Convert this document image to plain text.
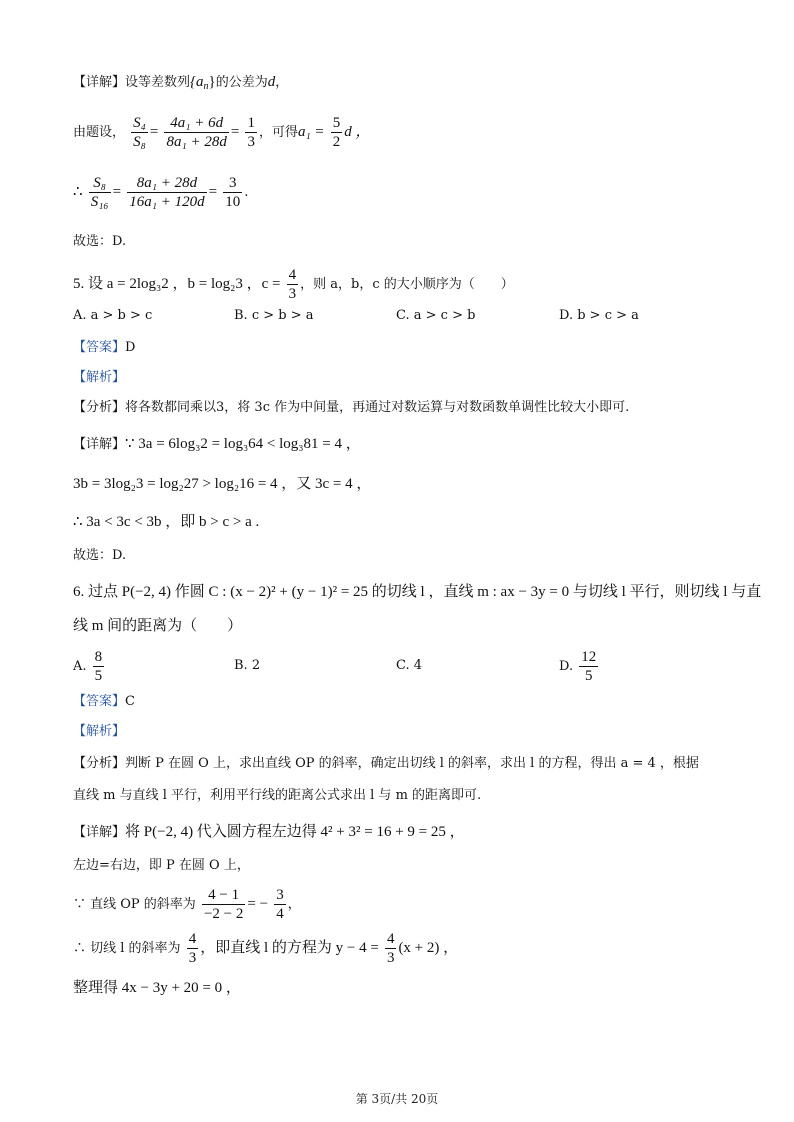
【详解】设等差数列$\{a_n\}$的公差为d，
由题设， $\frac{\text{S₄}}{\text{S₈}} = \frac{\text{4a₁ + 6d}}{\text{8a₁ + 28d}} = \frac{1}{3}$ ，可得$a_1 = \frac{5}{2}$ d ，
∴ $\frac{\text{S₈}}{\text{S₁₆}} = \frac{\text{8a₁ + 28d}}{\text{16a₁ + 120d}} = \frac{3}{10}$ .
故选：D.
5. 设 a = 2log₃2 ，b = log₂3 ，$c = \frac{4}{3}$ ，则 a，b，c 的大小顺序为（　　）
A. a > b > c	B. c > b > a	C. a > c > b	D. b > c > a
【答案】D
【解析】
【分析】将各数都同乘以3，将 3c 作为中间量，再通过对数运算与对数函数单调性比较大小即可.
【详解】∵ 3a = 6log₃2 = log₃64 < log₃81 = 4 ，
3b = 3log₂3 = log₂27 > log₂16 = 4 ，又 3c = 4 ，
∴ 3a < 3c < 3b ，即 b > c > a .
故选：D.
6. 过点 P(−2, 4) 作圆 C : (x − 2)² + (y − 1)² = 25 的切线 l ，直线 m : ax − 3y = 0 与切线 l 平行，则切线 l 与直
线 m 间的距离为（　　）
A. $\frac{8}{5}$	B. 2	C. 4	D. $\frac{12}{5}$
【答案】C
【解析】
【分析】判断 P 在圆 O 上，求出直线 OP 的斜率，确定出切线 l 的斜率，求出 l 的方程，得出 a = 4 ，根据
直线 m 与直线 l 平行，利用平行线的距离公式求出 l 与 m 的距离即可.
【详解】将 P(−2, 4) 代入圆方程左边得 4² + 3² = 16 + 9 = 25 ，
左边=右边，即 P 在圆 O 上，
∵ 直线 OP 的斜率为 $\frac{4 - 1}{-2 - 2}$ = − $\frac{3}{4}$ ，
∴ 切线 l 的斜率为 $\frac{4}{3}$ ，即直线 l 的方程为 $y - 4 = \frac{4}{3} (x + 2)$ ，
整理得 4x − 3y + 20 = 0 ，
第 3页/共 20页
